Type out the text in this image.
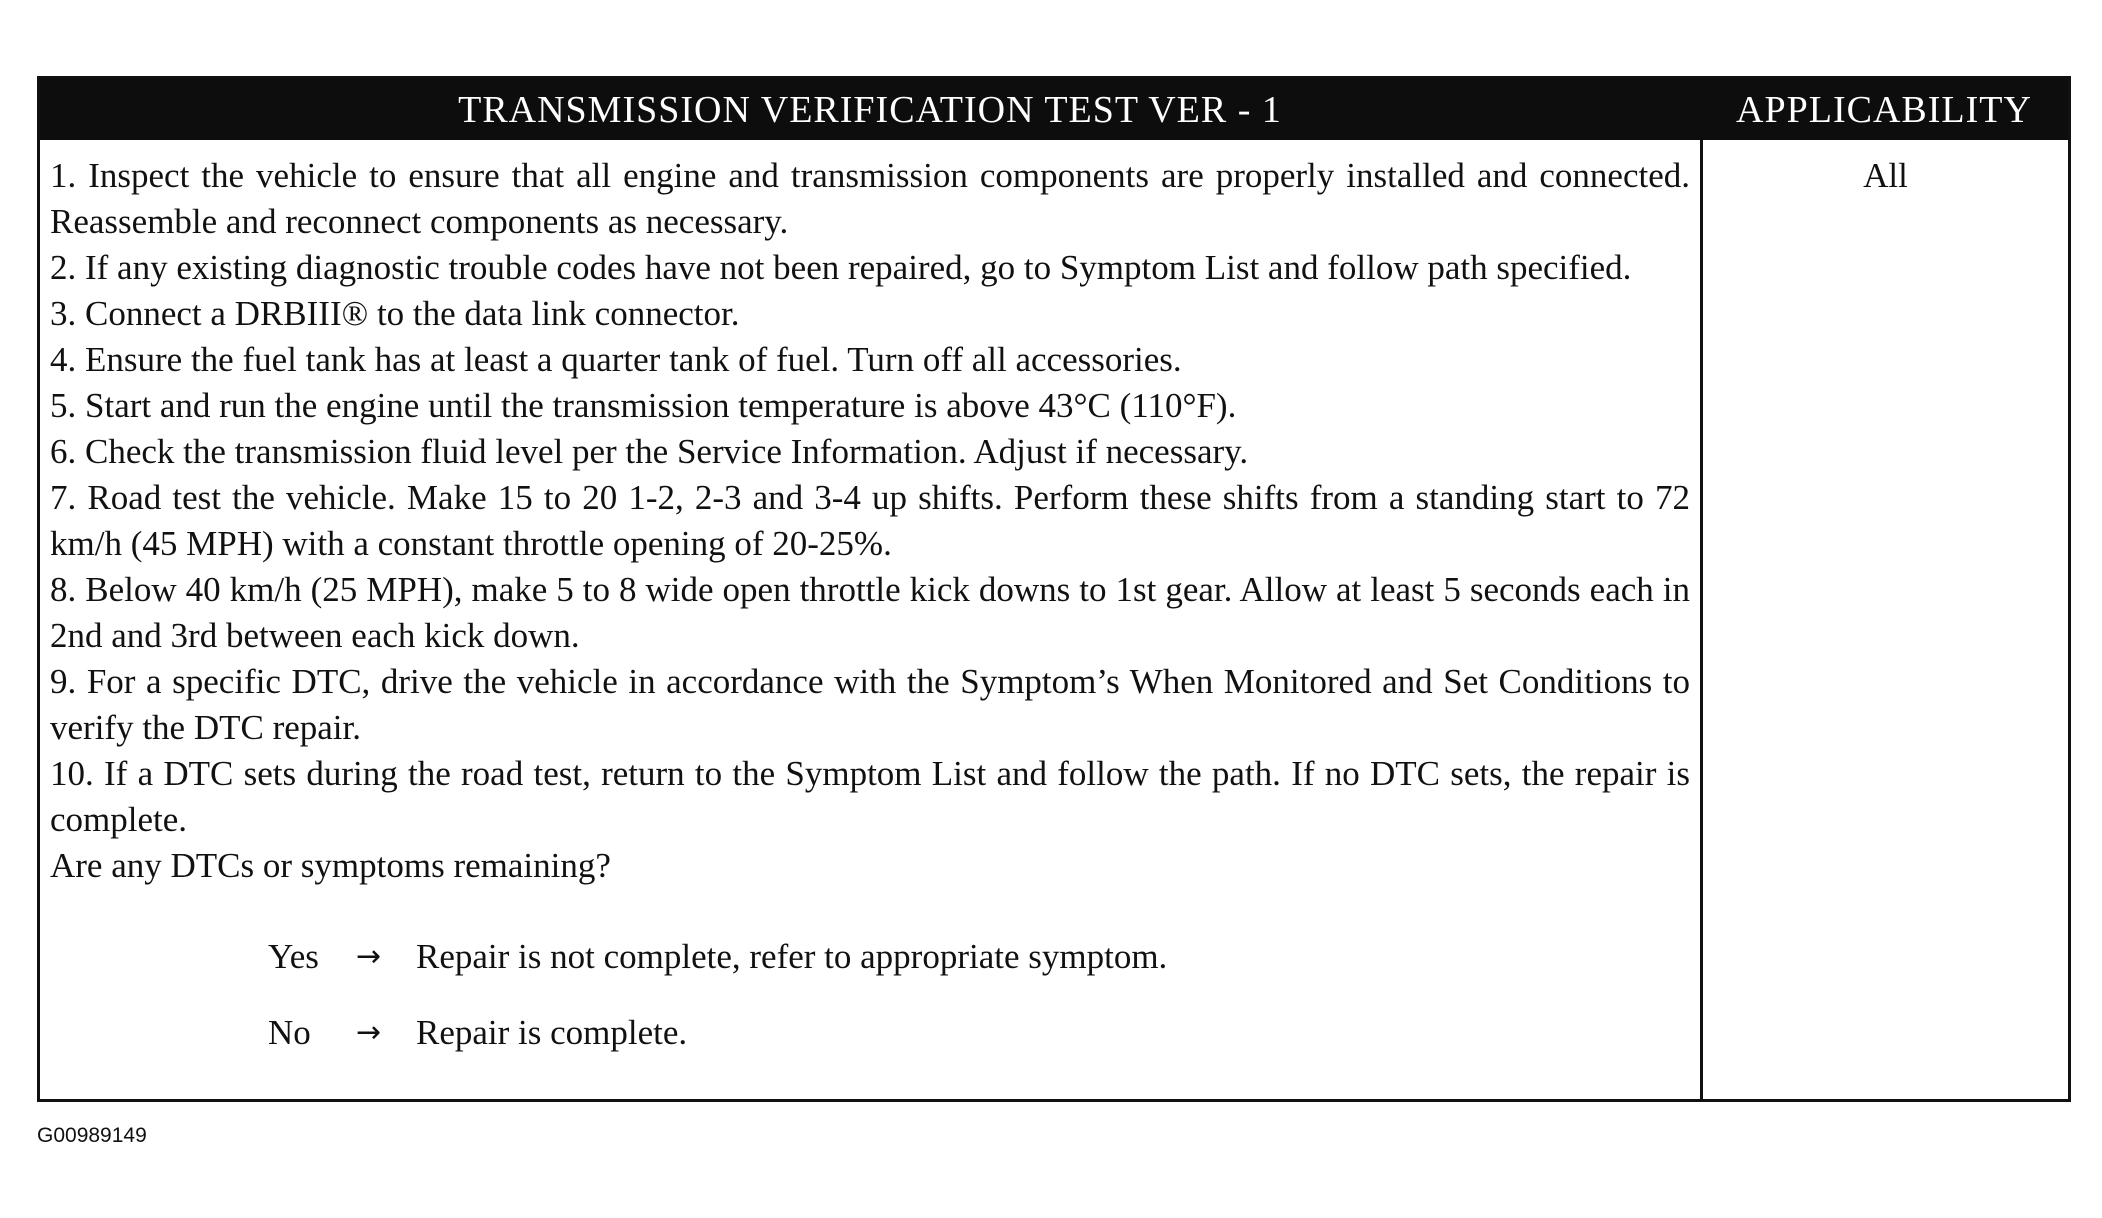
TRANSMISSION VERIFICATION TEST VER - 1	APPLICABILITY
1. Inspect the vehicle to ensure that all engine and transmission components are properly installed and connected. Reassemble and reconnect components as necessary.
2. If any existing diagnostic trouble codes have not been repaired, go to Symptom List and follow path specified.
3. Connect a DRBIII® to the data link connector.
4. Ensure the fuel tank has at least a quarter tank of fuel. Turn off all accessories.
5. Start and run the engine until the transmission temperature is above 43°C (110°F).
6. Check the transmission fluid level per the Service Information. Adjust if necessary.
7. Road test the vehicle. Make 15 to 20 1-2, 2-3 and 3-4 up shifts. Perform these shifts from a standing start to 72 km/h (45 MPH) with a constant throttle opening of 20-25%.
8. Below 40 km/h (25 MPH), make 5 to 8 wide open throttle kick downs to 1st gear. Allow at least 5 seconds each in 2nd and 3rd between each kick down.
9. For a specific DTC, drive the vehicle in accordance with the Symptom’s When Monitored and Set Conditions to verify the DTC repair.
10. If a DTC sets during the road test, return to the Symptom List and follow the path. If no DTC sets, the repair is complete.
Are any DTCs or symptoms remaining?
Yes	→ Repair is not complete, refer to appropriate symptom.
No	→ Repair is complete.
All
G00989149
